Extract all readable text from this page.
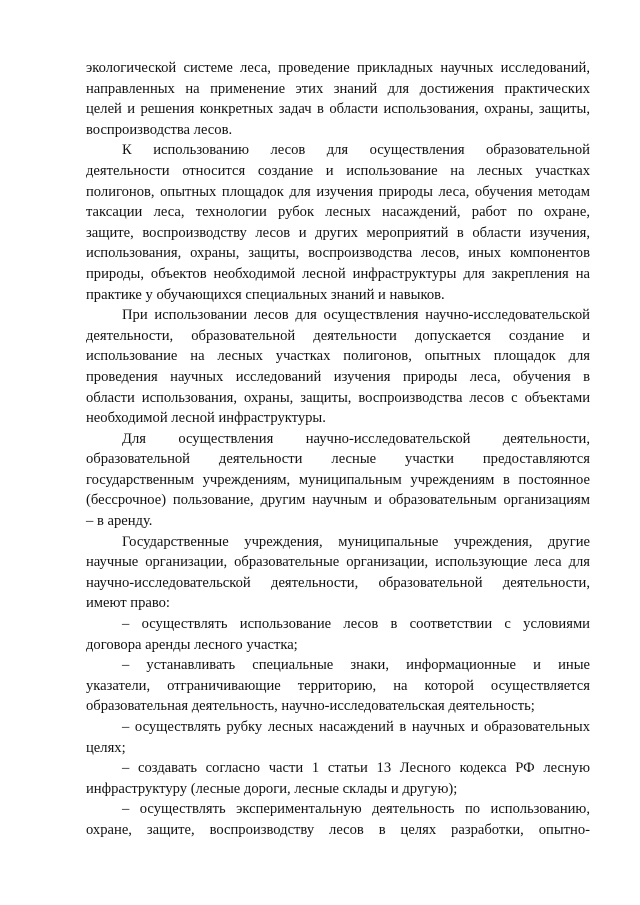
экологической системе леса, проведение прикладных научных исследований,
направленных на применение этих знаний для достижения практических
целей и решения конкретных задач в области использования, охраны, защиты,
воспроизводства лесов.
К использованию лесов для осуществления образовательной
деятельности относится создание и использование на лесных участках
полигонов, опытных площадок для изучения природы леса, обучения методам
таксации леса, технологии рубок лесных насаждений, работ по охране,
защите, воспроизводству лесов и других мероприятий в области изучения,
использования, охраны, защиты, воспроизводства лесов, иных компонентов
природы, объектов необходимой лесной инфраструктуры для закрепления на
практике у обучающихся специальных знаний и навыков.
При использовании лесов для осуществления научно-исследовательской
деятельности, образовательной деятельности допускается создание и
использование на лесных участках полигонов, опытных площадок для
проведения научных исследований изучения природы леса, обучения в
области использования, охраны, защиты, воспроизводства лесов с объектами
необходимой лесной инфраструктуры.
Для осуществления научно-исследовательской деятельности,
образовательной деятельности лесные участки предоставляются
государственным учреждениям, муниципальным учреждениям в постоянное
(бессрочное) пользование, другим научным и образовательным организациям
– в аренду.
Государственные учреждения, муниципальные учреждения, другие
научные организации, образовательные организации, использующие леса для
научно-исследовательской деятельности, образовательной деятельности,
имеют право:
– осуществлять использование лесов в соответствии с условиями
договора аренды лесного участка;
– устанавливать специальные знаки, информационные и иные
указатели, отграничивающие территорию, на которой осуществляется
образовательная деятельность, научно-исследовательская деятельность;
– осуществлять рубку лесных насаждений в научных и образовательных
целях;
– создавать согласно части 1 статьи 13 Лесного кодекса РФ лесную
инфраструктуру (лесные дороги, лесные склады и другую);
– осуществлять экспериментальную деятельность по использованию,
охране, защите, воспроизводству лесов в целях разработки, опытно-
